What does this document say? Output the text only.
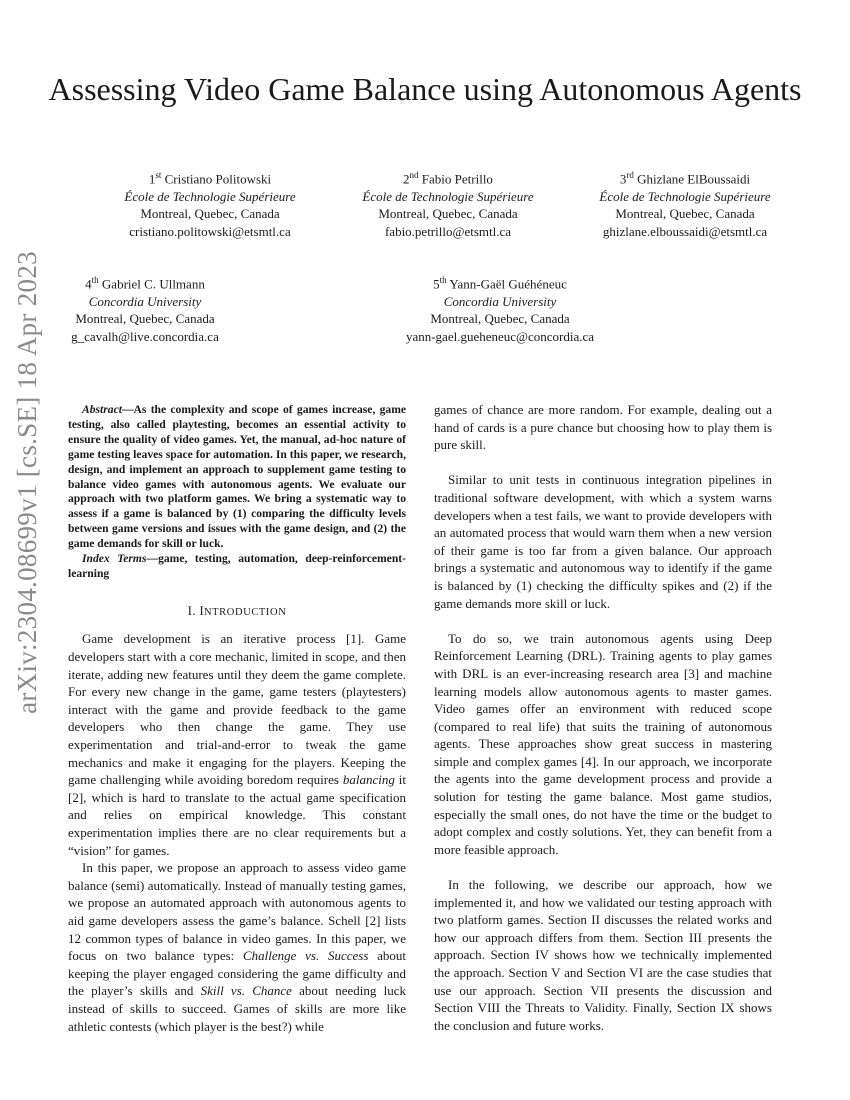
arXiv:2304.08699v1 [cs.SE] 18 Apr 2023
Assessing Video Game Balance using Autonomous Agents
1st Cristiano Politowski
École de Technologie Supérieure
Montreal, Quebec, Canada
cristiano.politowski@etsmtl.ca
2nd Fabio Petrillo
École de Technologie Supérieure
Montreal, Quebec, Canada
fabio.petrillo@etsmtl.ca
3rd Ghizlane ElBoussaidi
École de Technologie Supérieure
Montreal, Quebec, Canada
ghizlane.elboussaidi@etsmtl.ca
4th Gabriel C. Ullmann
Concordia University
Montreal, Quebec, Canada
g_cavalh@live.concordia.ca
5th Yann-Gaël Guéhéneuc
Concordia University
Montreal, Quebec, Canada
yann-gael.gueheneuc@concordia.ca

Abstract—As the complexity and scope of games increase, game testing, also called playtesting, becomes an essential activity to ensure the quality of video games. Yet, the manual, ad-hoc nature of game testing leaves space for automation. In this paper, we research, design, and implement an approach to supplement game testing to balance video games with autonomous agents. We evaluate our approach with two platform games. We bring a systematic way to assess if a game is balanced by (1) comparing the difficulty levels between game versions and issues with the game design, and (2) the game demands for skill or luck.

Index Terms—game, testing, automation, deep-reinforcement-learning

I. INTRODUCTION

Game development is an iterative process [1]. Game developers start with a core mechanic, limited in scope, and then iterate, adding new features until they deem the game complete. For every new change in the game, game testers (playtesters) interact with the game and provide feedback to the game developers who then change the game. They use experimentation and trial-and-error to tweak the game mechanics and make it engaging for the players. Keeping the game challenging while avoiding boredom requires balancing it [2], which is hard to translate to the actual game specification and relies on empirical knowledge. This constant experimentation implies there are no clear requirements but a “vision” for games.

In this paper, we propose an approach to assess video game balance (semi) automatically. Instead of manually testing games, we propose an automated approach with autonomous agents to aid game developers assess the game’s balance. Schell [2] lists 12 common types of balance in video games. In this paper, we focus on two balance types: Challenge vs. Success about keeping the player engaged considering the game difficulty and the player’s skills and Skill vs. Chance about needing luck instead of skills to succeed. Games of skills are more like athletic contests (which player is the best?) while

games of chance are more random. For example, dealing out a hand of cards is a pure chance but choosing how to play them is pure skill.

Similar to unit tests in continuous integration pipelines in traditional software development, with which a system warns developers when a test fails, we want to provide developers with an automated process that would warn them when a new version of their game is too far from a given balance. Our approach brings a systematic and autonomous way to identify if the game is balanced by (1) checking the difficulty spikes and (2) if the game demands more skill or luck.

To do so, we train autonomous agents using Deep Reinforcement Learning (DRL). Training agents to play games with DRL is an ever-increasing research area [3] and machine learning models allow autonomous agents to master games. Video games offer an environment with reduced scope (compared to real life) that suits the training of autonomous agents. These approaches show great success in mastering simple and complex games [4]. In our approach, we incorporate the agents into the game development process and provide a solution for testing the game balance. Most game studios, especially the small ones, do not have the time or the budget to adopt complex and costly solutions. Yet, they can benefit from a more feasible approach.

In the following, we describe our approach, how we implemented it, and how we validated our testing approach with two platform games. Section II discusses the related works and how our approach differs from them. Section III presents the approach. Section IV shows how we technically implemented the approach. Section V and Section VI are the case studies that use our approach. Section VII presents the discussion and Section VIII the Threats to Validity. Finally, Section IX shows the conclusion and future works.
